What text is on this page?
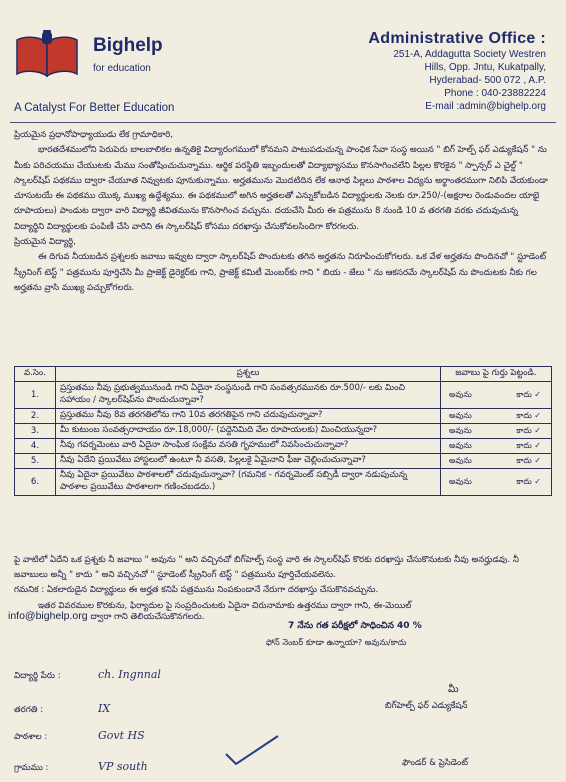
Bighelp
for education
A Catalyst For Better Education
Administrative Office :
251-A, Addagutta Society Westren
Hills, Opp. Jntu, Kukatpally,
Hyderabad- 500 072 , A.P.
Phone : 040-23882224
E-mail :admin@bighelp.org

ప్రియమైన ప్రధానోపాధ్యాయుడు లేక గ్రామాధికారి,

భారతదేశములోని పెరుపెరు బాలబాలికల ఉన్నతికై విద్యారంగములో కోనమని పాటుపడుచున్న పాంఛిక సేవా సంస్థ అయిన " బిగ్ హెల్ప్ ఫర్ ఎడ్యుకేషన్ " ను మీకు పరిచయము చేయుటకు మేము సంతోషించుచున్నాము. ఆర్థిక పరస్థితి ఇబ్బందులతో విద్యాభ్యాసము కొనసాగించలేని పిల్లల కొరకైన " స్పాన్సర్ ఎ చైల్డ్ " స్కాలర్‌షిప్ పథకము ద్వారా చేయూత నివ్వుటకు పూనుకున్నాము. అర్హతమును మొదటిదిన లేక ఆనాథ పిల్లలు పాఠశాల విద్యను అర్థాంతరముగా నిలిపి వేయకుండా చూసుటయే ఈ పథకము యొక్క ముఖ్య ఉద్దేశ్యము. ఈ పథకములో అగిన అర్హతలతో ఎన్నుకోబడిన విద్యార్థులకు నెలకు రూ.250/-(అక్షరాల రెండువందల యాభై రూపాయలు) పాండుట ద్వారా వారి విద్యార్థి జీవితమును కొనసాగించ వచ్చును. దయచేసి మీరు ఈ పత్రమును 8 నుండి 10 వ తరగతి వరకు చదువుచున్న విద్యార్థిని విద్యార్థులకు పంపిణీ చేసి వారిని ఈ స్కాలర్‌షిప్ కోసము దరఖాస్తు చేసుకోవలసిందిగా కోరగలరు.

ప్రియమైన విద్యార్థి,

ఈ దిగువ నీయబడిన ప్రశ్నలకు జవాబు ఇవ్వుట ద్వారా స్కాలర్‌షిప్ పొందుటకు తగిన అర్హతను నిరూపించుకోగలరు. ఒక వేళ అర్హతను పొందినచో " స్టూడెంట్ స్క్రీనింగ్ టెస్ట్ " పత్రమును పూర్తిచేసి మీ ప్రాజెక్ట్ డైరెక్టర్‌కు గాని, ప్రాజెక్ట్ కమిటీ మెంబర్‌కు గాని " బియ - జేలు " ను ఆకసరమే స్కాలర్‌షిప్ ను పొందుటకు నీకు గల అర్హతను వ్రాసి ముఖ్య పచ్చుకోగలరు.

వ.సెం.	ప్రశ్నలు	జవాబు పై గుర్తు పెట్టండి.
1.	ప్రస్తుతము నీవు ప్రభుత్వమునుండి గాని ఏదైనా సంస్థనుండి గాని సంవత్సరమునకు రూ.500/- లకు మించి సహాయం / స్కాలర్‌షిప్‌ను పొందుచున్నావా?	అవును కాదు ✓

2.	ప్రస్తుతము నీవు 8వ తరగతిలోను గాని 10వ తరగతిపైన గాని చదువుచున్నావా?	అవును కాదు ✓

3.	మీ కుటుంబ సంవత్సరాదాయం రూ.18,000/- (పద్దెనిమిది వేల రూపాయలకు) మించియున్నదా?	అవును కాదు ✓

4.	నీవు గవర్నమెంటు వారి ఏదైనా సాంఘిక సంక్షేమ వసతి గృహములో నివసించుచున్నావా?	అవును కాదు ✓

5.	నీవు ఏదేని ప్రయివేటు హాస్టలులో ఉంటూ నీ వసతి, పిల్లలకై ఏమైనాని ఫీజు చెల్లించుచున్నావా?	అవును కాదు ✓

6.	నీవు ఏదైనా ప్రయివేటు పాఠశాలలో చదువుచున్నావా? (గమనిక - గవర్నమెంట్ సబ్సిడీ ద్వారా నడుపుచున్న పాఠశాల ప్రయివేటు పాఠశాలగా గణించబడదు.)	అవును కాదు ✓

పై వాటిలో ఏదేని ఒక ప్రశ్నకు నీ జవాబు " అవును " అని వచ్చినచో బిగ్‌హెల్ప్ సంస్థ వారి ఈ స్కాలర్‌షిప్ కొరకు దరఖాస్తు చేసుకొనుటకు నీవు అనర్హుడవు. నీ జవాబులు అన్నీ " కాదు " అని వచ్చినచో " స్టూడెంట్ స్క్రీనింగ్ టెస్ట్ " పత్రమును పూర్తిచేయవలెను.

గమనిక : ఏకలారుడైన విద్యార్థులు ఈ అర్హత కనిపి పత్రమును నింపకుండానే నేరుగా దరఖాస్తు చేసుకొనవచ్చును.

ఇతర వివరముల కొరకును, ఫిర్యాదుల పై సంప్రదించుటకు ఏదైనా చిరునామాకు ఉత్తరము ద్వారా గాని, ఈ-మెయిల్

info@bighelp.org ద్వారా గాని తెలియచేసుకొనగలరు.
7 నేను గత పరీక్షలో సాధించిన 40 %
ఫోన్‌ నెంబర్ కూడా ఉన్నాయా? అవును/కాదు
విద్యార్థి పేరు :	ch. Ingnnal
తరగతి :	IX
పాఠశాల :	Govt HS
గ్రామము :	VP south
మీ
బిగ్‌హెల్ప్ ఫర్ ఎడ్యుకేషన్
ఫౌండర్ & ప్రెసిడెంట్
